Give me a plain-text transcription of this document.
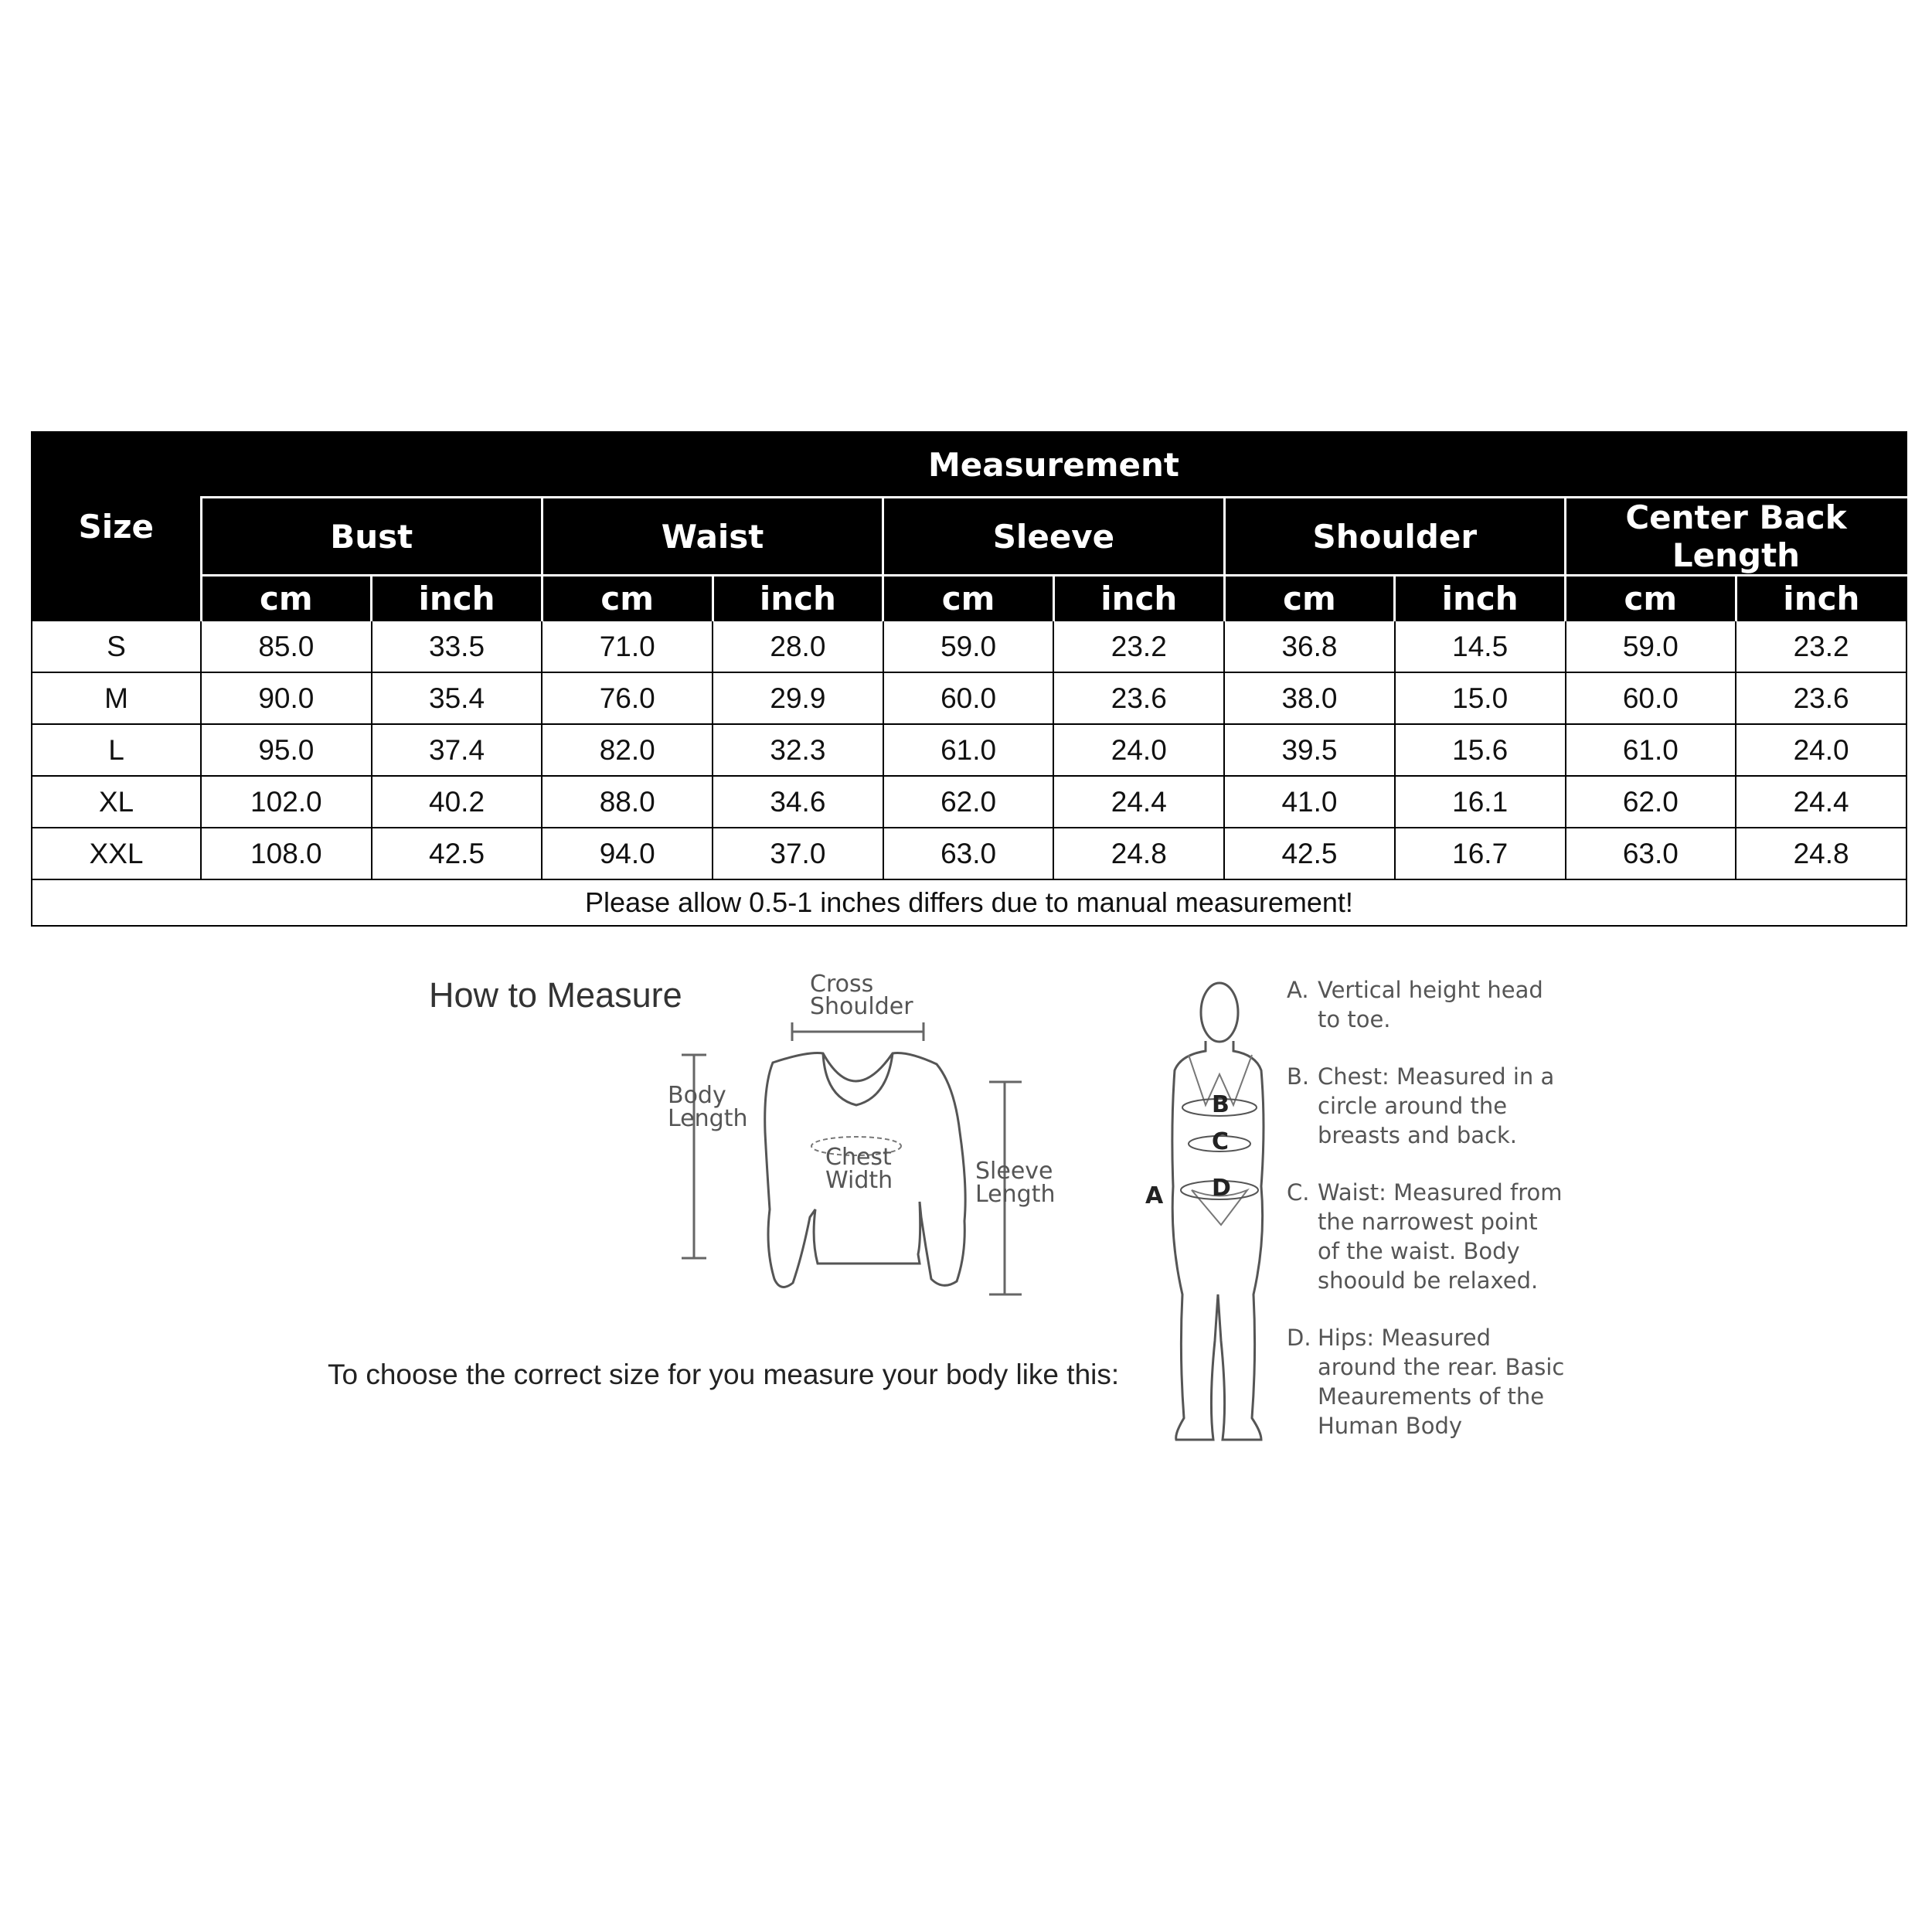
Size	Measurement									
	Bust		Waist		Sleeve		Shoulder		Center Back Length	
	cm	inch	cm	inch	cm	inch	cm	inch	cm	inch
S	85.0	33.5	71.0	28.0	59.0	23.2	36.8	14.5	59.0	23.2
M	90.0	35.4	76.0	29.9	60.0	23.6	38.0	15.0	60.0	23.6
L	95.0	37.4	82.0	32.3	61.0	24.0	39.5	15.6	61.0	24.0
XL	102.0	40.2	88.0	34.6	62.0	24.4	41.0	16.1	62.0	24.4
XXL	108.0	42.5	94.0	37.0	63.0	24.8	42.5	16.7	63.0	24.8
Please allow 0.5-1 inches differs due to manual measurement!										
How to Measure	Cross
Shoulder
Body
Length
Chest
Width	Sleeve
Length
To choose the correct size for you measure your body like this:
B
C
D
A
A. Vertical height head to toe.
B. Chest: Measured in a circle around the breasts and back.
C. Waist: Measured from the narrowest point of the waist. Body shoould be relaxed.
D. Hips: Measured around the rear. Basic Meaurements of the Human Body
